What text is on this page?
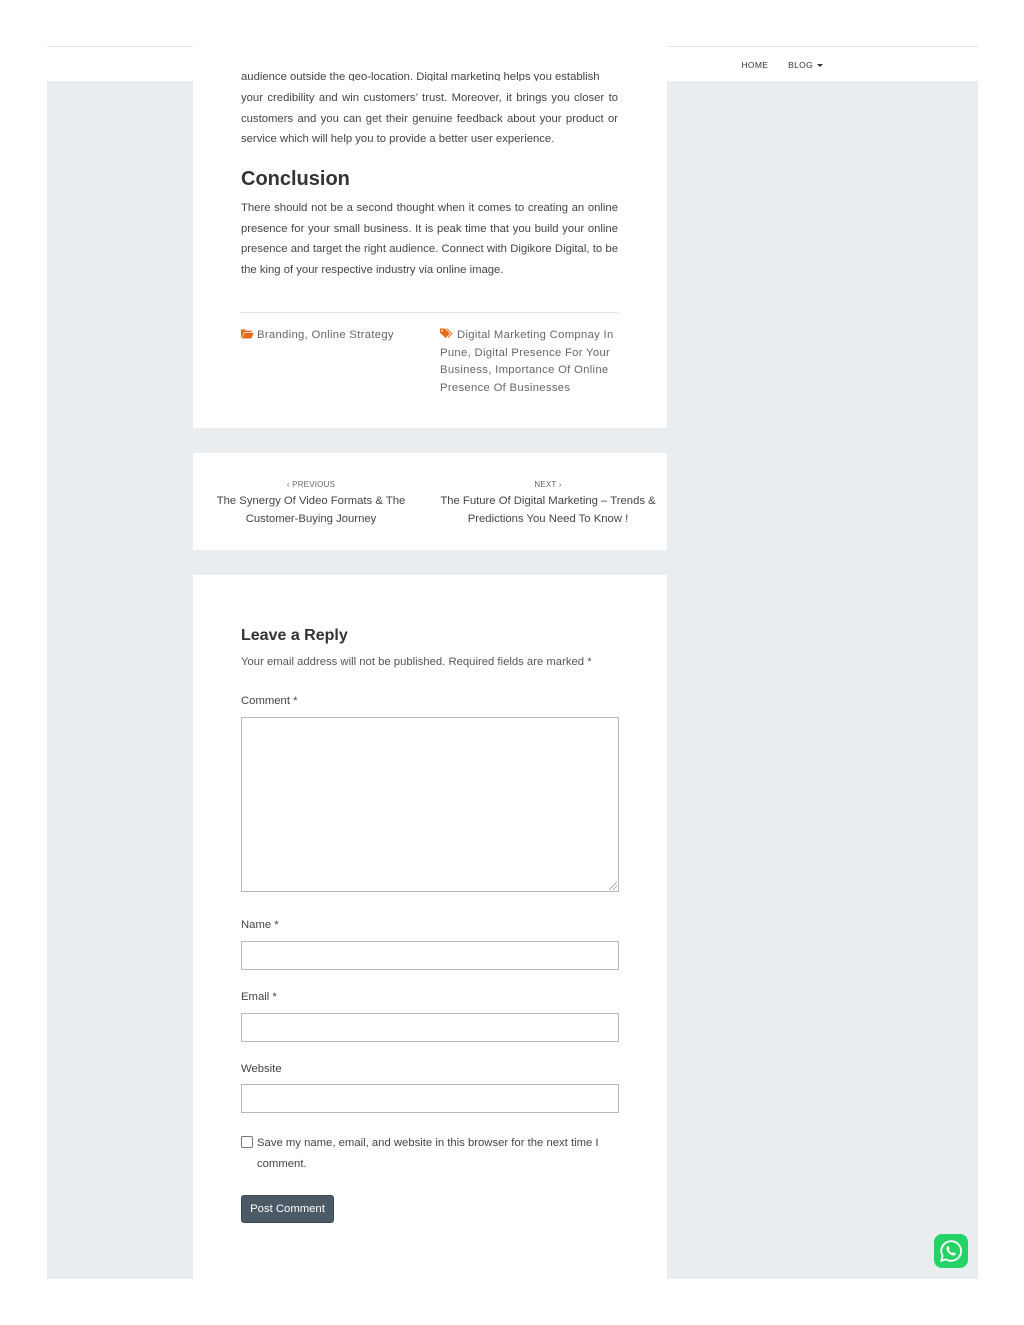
HOME BLOG
audience outside the geo-location. Digital marketing helps you establish
your credibility and win customers’ trust. Moreover, it brings you closer to customers and you can get their genuine feedback about your product or service which will help you to provide a better user experience.
Conclusion
There should not be a second thought when it comes to creating an online presence for your small business. It is peak time that you build your online presence and target the right audience. Connect with Digikore Digital, to be the king of your respective industry via online image.
Branding, Online Strategy	Digital Marketing Compnay In Pune, Digital Presence For Your Business, Importance Of Online Presence Of Businesses
‹ PREVIOUS
The Synergy Of Video Formats & The Customer-Buying Journey
NEXT ›
The Future Of Digital Marketing – Trends & Predictions You Need To Know !
Leave a Reply
Your email address will not be published. Required fields are marked *
Comment *
Name *
Email *
Website
Save my name, email, and website in this browser for the next time I comment.
Post Comment
